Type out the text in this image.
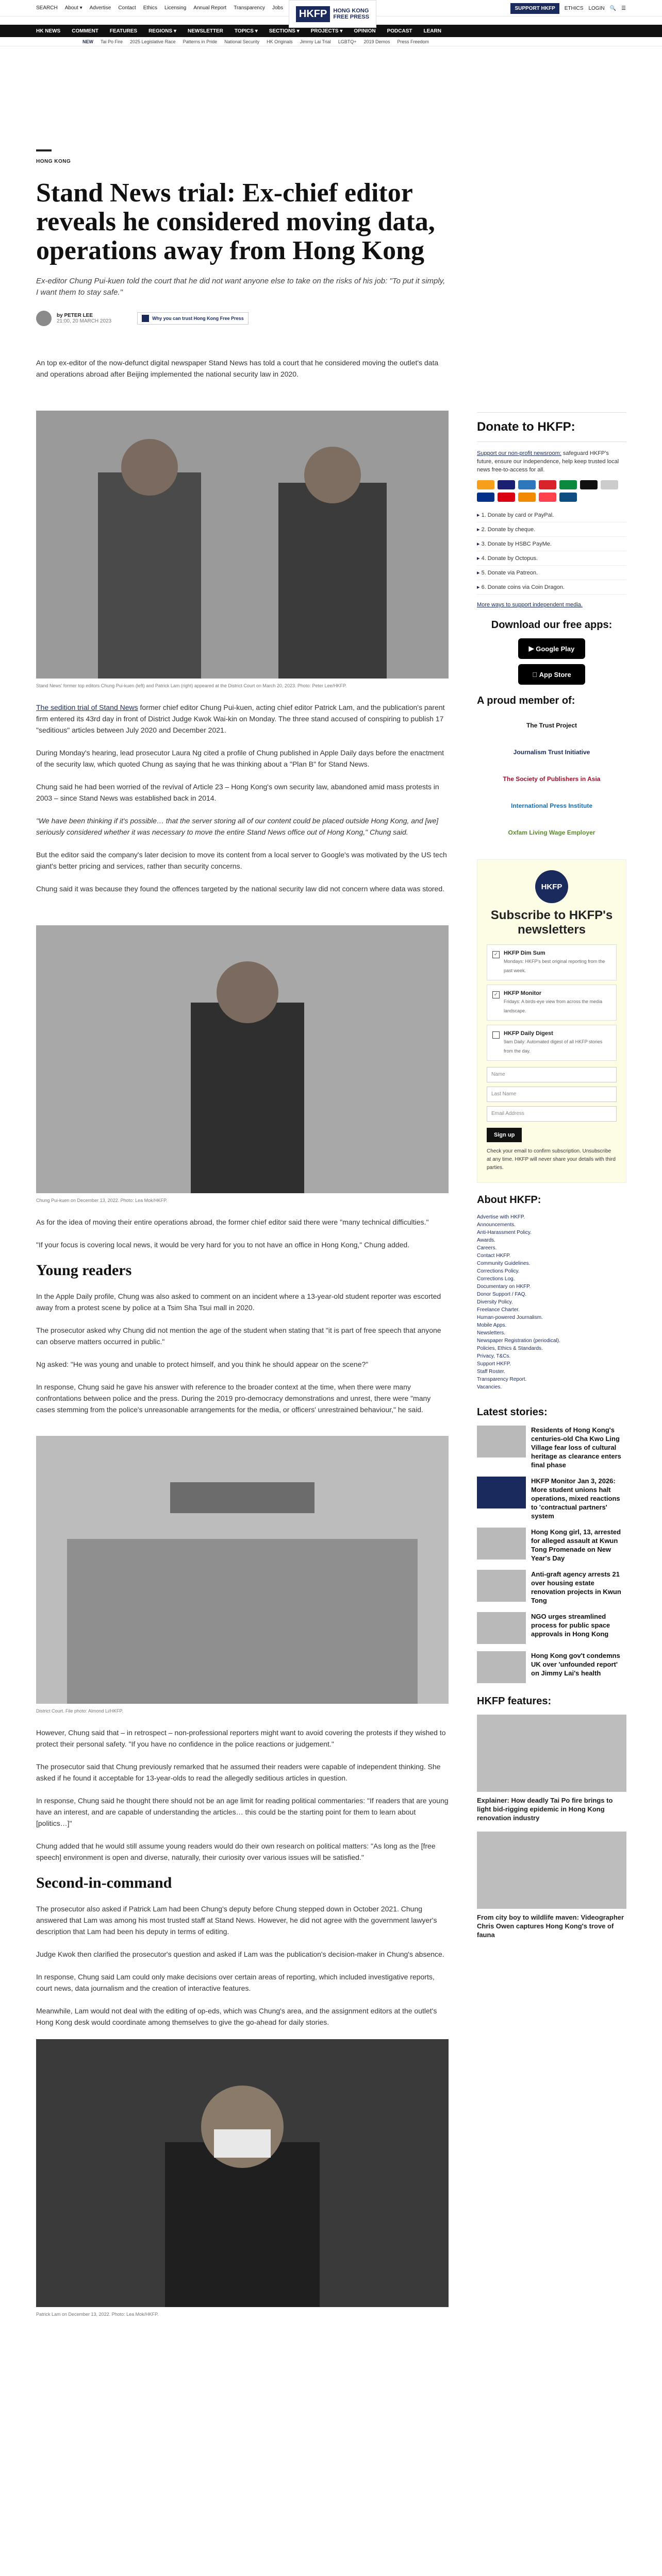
SEARCH About ▾ Advertise Contact Ethics Licensing Annual Report Transparency Jobs	HKFP	HONG KONG
FREE PRESS
SUPPORT HKFP	ETHICS LOGIN 🔍 ☰
HK NEWS COMMENT FEATURES REGIONS ▾ NEWSLETTER TOPICS ▾ SECTIONS ▾ PROJECTS ▾ OPINION PODCAST LEARN
NEW Tai Po Fire 2025 Legislative Race Patterns in Pride National Security HK Originals Jimmy Lai Trial LGBTQ+ 2019 Demos Press Freedom
HONG KONG
Stand News trial: Ex-chief editor reveals he considered moving data, operations away from Hong Kong
Ex-editor Chung Pui-kuen told the court that he did not want anyone else to take on the risks of his job: "To put it simply, I want them to stay safe."
by PETER LEE
21:00, 20 MARCH 2023	Why you can trust Hong Kong Free Press

An top ex-editor of the now-defunct digital newspaper Stand News has told a court that he considered moving the outlet's data and operations abroad after Beijing implemented the national security law in 2020.

Stand News' former top editors Chung Pui-kuen (left) and Patrick Lam (right) appeared at the District Court on March 20, 2023. Photo: Peter Lee/HKFP.

The sedition trial of Stand News former chief editor Chung Pui-kuen, acting chief editor Patrick Lam, and the publication's parent firm entered its 43rd day in front of District Judge Kwok Wai-kin on Monday. The three stand accused of conspiring to publish 17 "seditious" articles between July 2020 and December 2021.

During Monday's hearing, lead prosecutor Laura Ng cited a profile of Chung published in Apple Daily days before the enactment of the security law, which quoted Chung as saying that he was thinking about a "Plan B" for Stand News.

Chung said he had been worried of the revival of Article 23 – Hong Kong's own security law, abandoned amid mass protests in 2003 – since Stand News was established back in 2014.

"We have been thinking if it's possible… that the server storing all of our content could be placed outside Hong Kong, and [we] seriously considered whether it was necessary to move the entire Stand News office out of Hong Kong," Chung said.

But the editor said the company's later decision to move its content from a local server to Google's was motivated by the US tech giant's better pricing and services, rather than security concerns.

Chung said it was because they found the offences targeted by the national security law did not concern where data was stored.

Chung Pui-kuen on December 13, 2022. Photo: Lea Mok/HKFP.

As for the idea of moving their entire operations abroad, the former chief editor said there were "many technical difficulties."

"If your focus is covering local news, it would be very hard for you to not have an office in Hong Kong," Chung added.

Young readers

In the Apple Daily profile, Chung was also asked to comment on an incident where a 13-year-old student reporter was escorted away from a protest scene by police at a Tsim Sha Tsui mall in 2020.

The prosecutor asked why Chung did not mention the age of the student when stating that "it is part of free speech that anyone can observe matters occurred in public."

Ng asked: "He was young and unable to protect himself, and you think he should appear on the scene?"

In response, Chung said he gave his answer with reference to the broader context at the time, when there were many confrontations between police and the press. During the 2019 pro-democracy demonstrations and unrest, there were "many cases stemming from the police's unreasonable arrangements for the media, or officers' unrestrained behaviour," he said.

District Court. File photo: Almond Li/HKFP.

However, Chung said that – in retrospect – non-professional reporters might want to avoid covering the protests if they wished to protect their personal safety. "If you have no confidence in the police reactions or judgement."

The prosecutor said that Chung previously remarked that he assumed their readers were capable of independent thinking. She asked if he found it acceptable for 13-year-olds to read the allegedly seditious articles in question.

In response, Chung said he thought there should not be an age limit for reading political commentaries: "If readers that are young have an interest, and are capable of understanding the articles… this could be the starting point for them to learn about [politics…]"

Chung added that he would still assume young readers would do their own research on political matters: "As long as the [free speech] environment is open and diverse, naturally, their curiosity over various issues will be satisfied."

Second-in-command

The prosecutor also asked if Patrick Lam had been Chung's deputy before Chung stepped down in October 2021. Chung answered that Lam was among his most trusted staff at Stand News. However, he did not agree with the government lawyer's description that Lam had been his deputy in terms of editing.

Judge Kwok then clarified the prosecutor's question and asked if Lam was the publication's decision-maker in Chung's absence.

In response, Chung said Lam could only make decisions over certain areas of reporting, which included investigative reports, court news, data journalism and the creation of interactive features.

Meanwhile, Lam would not deal with the editing of op-eds, which was Chung's area, and the assignment editors at the outlet's Hong Kong desk would coordinate among themselves to give the go-ahead for daily stories.

Patrick Lam on December 13, 2022. Photo: Lea Mok/HKFP.
Donate to HKFP:
Support our non-profit newsroom: safeguard HKFP's future, ensure our independence, help keep trusted local news free-to-access for all.
▸ 1. Donate by card or PayPal.
▸ 2. Donate by cheque.
▸ 3. Donate by HSBC PayMe.
▸ 4. Donate by Octopus.
▸ 5. Donate via Patreon.
▸ 6. Donate coins via Coin Dragon.
More ways to support independent media.
Download our free apps:
▶ Google Play
App Store
A proud member of:
The Trust Project
Journalism Trust Initiative
The Society of Publishers in Asia
International Press Institute
Oxfam Living Wage Employer
HKFP
Subscribe to HKFP's newsletters
✓ HKFP Dim Sum
Mondays: HKFP's best original reporting from the past week.
✓ HKFP Monitor
Fridays: A birds-eye view from across the media landscape.
HKFP Daily Digest
9am Daily: Automated digest of all HKFP stories from the day.
Name
Last Name
Email Address
Sign up
Check your email to confirm subscription. Unsubscribe at any time. HKFP will never share your details with third parties.
About HKFP:
Advertise with HKFP.
Announcements.
Anti-Harassment Policy.
Awards.
Careers.
Contact HKFP.
Community Guidelines.
Corrections Policy.
Corrections Log.
Documentary on HKFP.
Donor Support / FAQ.
Diversity Policy.
Freelance Charter.
Human-powered Journalism.
Mobile Apps.
Newsletters.
Newspaper Registration (periodical).
Policies, Ethics & Standards.
Privacy, T&Cs.
Support HKFP.
Staff Roster.
Transparency Report.
Vacancies.
Latest stories:
Residents of Hong Kong's centuries-old Cha Kwo Ling Village fear loss of cultural heritage as clearance enters final phase
HKFP Monitor Jan 3, 2026: More student unions halt operations, mixed reactions to 'contractual partners' system
Hong Kong girl, 13, arrested for alleged assault at Kwun Tong Promenade on New Year's Day
Anti-graft agency arrests 21 over housing estate renovation projects in Kwun Tong
NGO urges streamlined process for public space approvals in Hong Kong
Hong Kong gov't condemns UK over 'unfounded report' on Jimmy Lai's health
HKFP features:
Explainer: How deadly Tai Po fire brings to light bid-rigging epidemic in Hong Kong renovation industry
From city boy to wildlife maven: Videographer Chris Owen captures Hong Kong's trove of fauna
